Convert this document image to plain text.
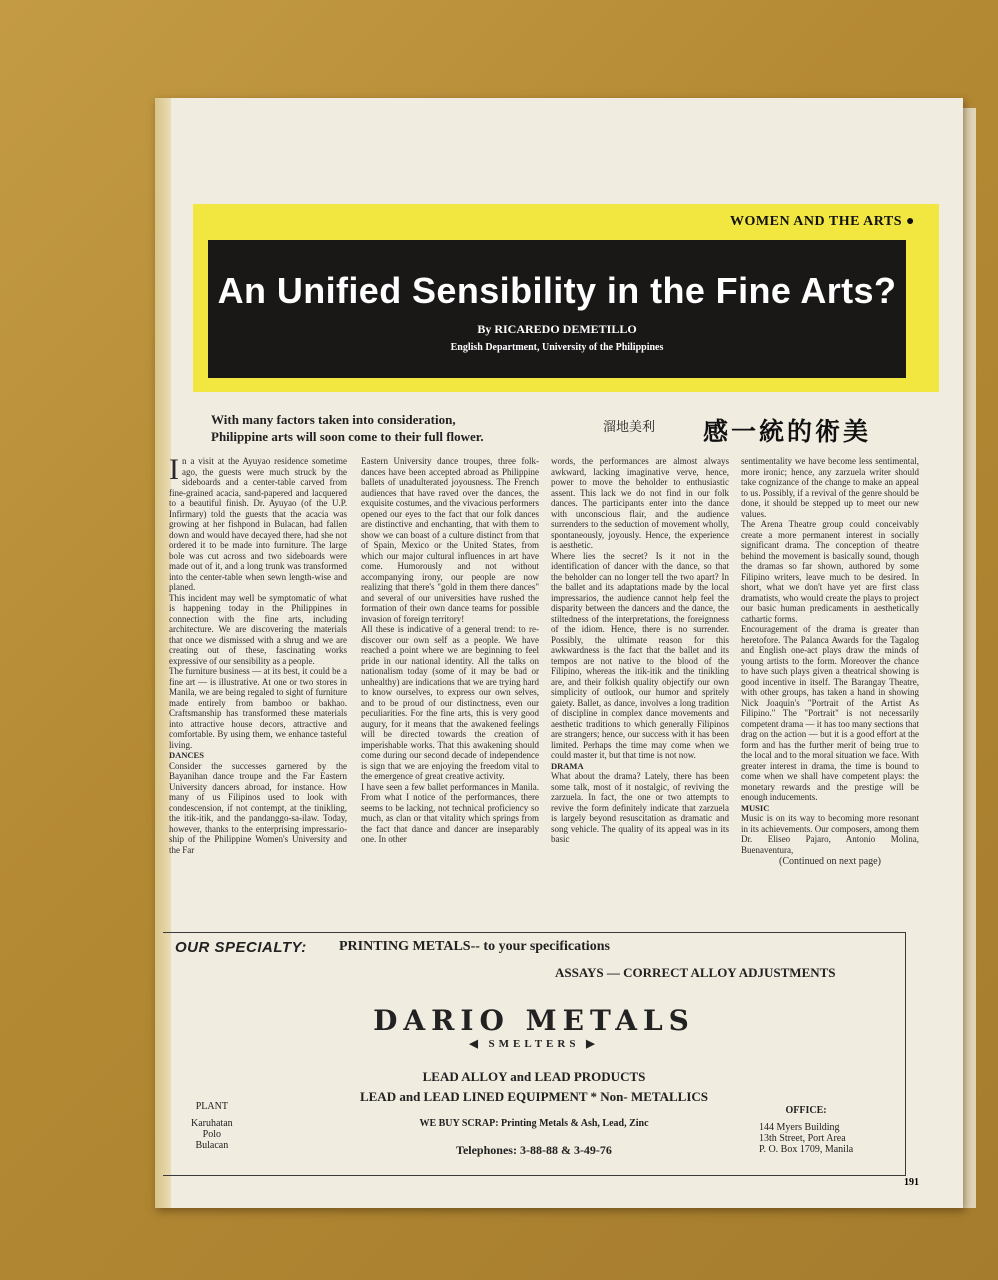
WOMEN AND THE ARTS ●
An Unified Sensibility in the Fine Arts?
By RICAREDO DEMETILLO
English Department, University of the Philippines
With many factors taken into consideration,
Philippine arts will soon come to their full flower.
溜地美利 感一統的術美

In a visit at the Ayuyao residence sometime ago, the guests were much struck by the sideboards and a center-table carved from fine-grained acacia, sand-papered and lacquered to a beautiful finish. Dr. Ayuyao (of the U.P. Infirmary) told the guests that the acacia was growing at her fishpond in Bulacan, had fallen down and would have decayed there, had she not ordered it to be made into furniture. The large bole was cut across and two sideboards were made out of it, and a long trunk was transformed into the center-table when sewn length-wise and planed.

This incident may well be symptomatic of what is happening today in the Philippines in connection with the fine arts, including architecture. We are discovering the materials that once we dismissed with a shrug and we are creating out of these, fascinating works expressive of our sensibility as a people.

The furniture business — at its best, it could be a fine art — is illustrative. At one or two stores in Manila, we are being regaled to sight of furniture made entirely from bamboo or bakhao. Craftsmanship has transformed these materials into attractive house decors, attractive and comfortable. By using them, we enhance tasteful living.

DANCES

Consider the successes garnered by the Bayanihan dance troupe and the Far Eastern University dancers abroad, for instance. How many of us Filipinos used to look with condescension, if not contempt, at the tinikling, the itik-itik, and the pandanggo-sa-ilaw. Today, however, thanks to the enterprising impressario-ship of the Philippine Women's University and the Far

Eastern University dance troupes, three folk-dances have been accepted abroad as Philippine ballets of unadulterated joyousness. The French audiences that have raved over the dances, the exquisite costumes, and the vivacious performers opened our eyes to the fact that our folk dances are distinctive and enchanting, that with them to show we can boast of a culture distinct from that of Spain, Mexico or the United States, from which our major cultural influences in art have come. Humorously and not without accompanying irony, our people are now realizing that there's "gold in them there dances" and several of our universities have rushed the formation of their own dance teams for possible invasion of foreign territory!

All these is indicative of a general trend: to re-discover our own self as a people. We have reached a point where we are beginning to feel pride in our national identity. All the talks on nationalism today (some of it may be bad or unhealthy) are indications that we are trying hard to know ourselves, to express our own selves, and to be proud of our distinctness, even our peculiarities. For the fine arts, this is very good augury, for it means that the awakened feelings will be directed towards the creation of imperishable works. That this awakening should come during our second decade of independence is sign that we are enjoying the freedom vital to the emergence of great creative activity.

I have seen a few ballet performances in Manila. From what I notice of the performances, there seems to be lacking, not technical proficiency so much, as clan or that vitality which springs from the fact that dance and dancer are inseparably one. In other

words, the performances are almost always awkward, lacking imaginative verve, hence, power to move the beholder to enthusiastic assent. This lack we do not find in our folk dances. The participants enter into the dance with unconscious flair, and the audience surrenders to the seduction of movement wholly, spontaneously, joyously. Hence, the experience is aesthetic.

Where lies the secret? Is it not in the identification of dancer with the dance, so that the beholder can no longer tell the two apart? In the ballet and its adaptations made by the local impressarios, the audience cannot help feel the disparity between the dancers and the dance, the stiltedness of the interpretations, the foreignness of the idiom. Hence, there is no surrender. Possibly, the ultimate reason for this awkwardness is the fact that the ballet and its tempos are not native to the blood of the Filipino, whereas the itik-itik and the tinikling are, and their folkish quality objectify our own simplicity of outlook, our humor and spritely gaiety. Ballet, as dance, involves a long tradition of discipline in complex dance movements and aesthetic traditions to which generally Filipinos are strangers; hence, our success with it has been limited. Perhaps the time may come when we could master it, but that time is not now.

DRAMA

What about the drama? Lately, there has been some talk, most of it nostalgic, of reviving the zarzuela. In fact, the one or two attempts to revive the form definitely indicate that zarzuela is largely beyond resuscitation as dramatic and song vehicle. The quality of its appeal was in its basic

sentimentality we have become less sentimental, more ironic; hence, any zarzuela writer should take cognizance of the change to make an appeal to us. Possibly, if a revival of the genre should be done, it should be stepped up to meet our new values.

The Arena Theatre group could conceivably create a more permanent interest in socially significant drama. The conception of theatre behind the movement is basically sound, though the dramas so far shown, authored by some Filipino writers, leave much to be desired. In short, what we don't have yet are first class dramatists, who would create the plays to project our basic human predicaments in aesthetically cathartic forms.

Encouragement of the drama is greater than heretofore. The Palanca Awards for the Tagalog and English one-act plays draw the minds of young artists to the form. Moreover the chance to have such plays given a theatrical showing is good incentive in itself. The Barangay Theatre, with other groups, has taken a hand in showing Nick Joaquin's "Portrait of the Artist As Filipino." The "Portrait" is not necessarily competent drama — it has too many sections that drag on the action — but it is a good effort at the form and has the further merit of being true to the local and to the moral situation we face. With greater interest in drama, the time is bound to come when we shall have competent plays: the monetary rewards and the prestige will be enough inducements.

MUSIC

Music is on its way to becoming more resonant in its achievements. Our composers, among them Dr. Eliseo Pajaro, Antonio Molina, Buenaventura,

(Continued on next page)
OUR SPECIALTY: PRINTING METALS-- to your specifications
ASSAYS — CORRECT ALLOY ADJUSTMENTS
DARIO METALS
◀ SMELTERS ▶
LEAD ALLOY and LEAD PRODUCTS
LEAD and LEAD LINED EQUIPMENT * Non- METALLICS
WE BUY SCRAP: Printing Metals & Ash, Lead, Zinc
Telephones: 3-88-88 & 3-49-76
PLANT
Karuhatan
Polo
Bulacan
OFFICE:
144 Myers Building
13th Street, Port Area
P. O. Box 1709, Manila
191
